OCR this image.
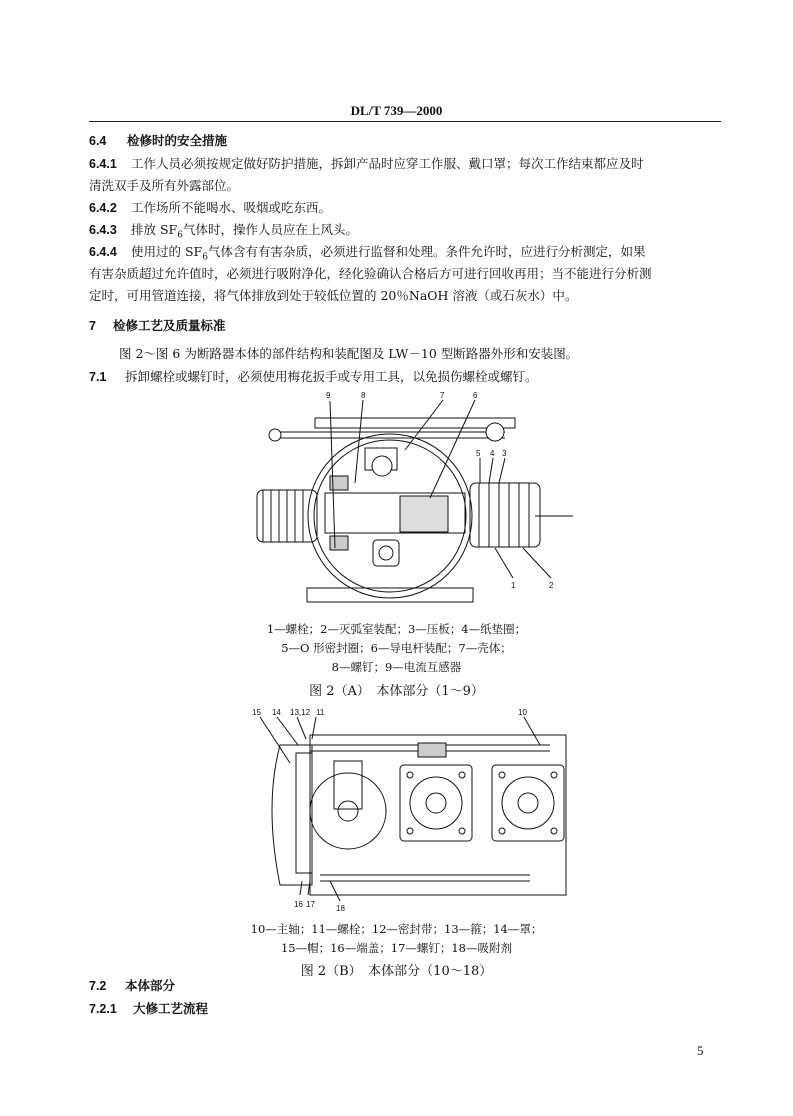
DL/T 739—2000
6.4 检修时的安全措施
6.4.1 工作人员必须按规定做好防护措施，拆卸产品时应穿工作服、戴口罩；每次工作结束都应及时
清洗双手及所有外露部位。
6.4.2 工作场所不能喝水、吸烟或吃东西。
6.4.3 排放 $SF_6$气体时，操作人员应在上风头。
6.4.4 使用过的 $SF_6$气体含有有害杂质，必须进行监督和处理。条件允许时，应进行分析测定，如果
有害杂质超过允许值时，必须进行吸附净化，经化验确认合格后方可进行回收再用；当不能进行分析测
定时，可用管道连接，将气体排放到处于较低位置的 20％NaOH 溶液（或石灰水）中。
7 检修工艺及质量标准
图 2～图 6 为断路器本体的部件结构和装配图及 LW－10 型断路器外形和安装图。
7.1 拆卸螺栓或螺钉时，必须使用梅花扳手或专用工具，以免损伤螺栓或螺钉。
9	8	7	6
5 4 3
1	2
1—螺栓；2—灭弧室装配；3—压板；4—纸垫圈；
5—O 形密封圈；6—导电杆装配；7—壳体；
8—螺钉；9—电流互感器
图 2（A）　本体部分（1～9）
15 14 13,12 11	10
16 17	18
10—主轴；11—螺栓；12—密封带；13—箍；14—罩；
15—帽；16—端盖；17—螺钉；18—吸附剂
图 2（B）　本体部分（10～18）
7.2 本体部分
7.2.1 大修工艺流程
5
